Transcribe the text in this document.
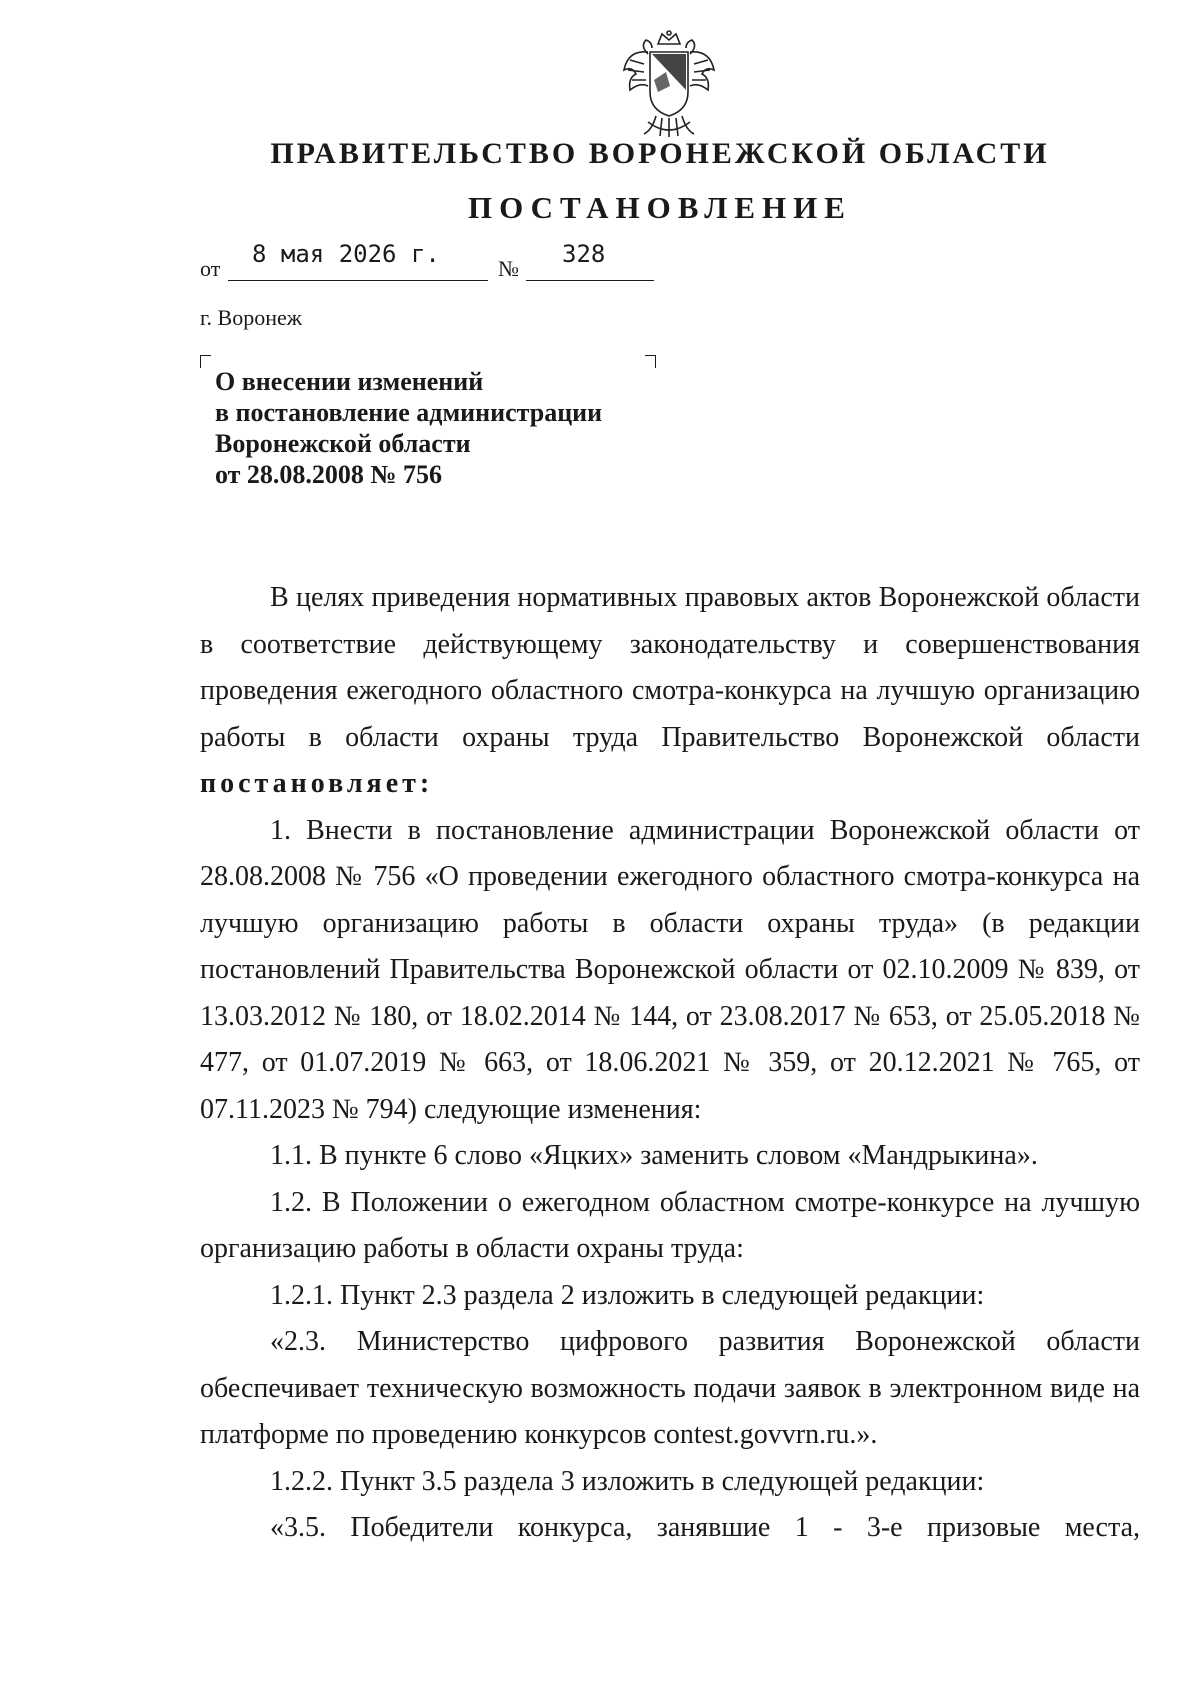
ПРАВИТЕЛЬСТВО ВОРОНЕЖСКОЙ ОБЛАСТИ
ПОСТАНОВЛЕНИЕ
от
8 мая 2026 г.
№
328
г. Воронеж
О внесении изменений
в постановление администрации
Воронежской области
от 28.08.2008 № 756

В целях приведения нормативных правовых актов Воронежской области в соответствие действующему законодательству и совершенствования проведения ежегодного областного смотра-конкурса на лучшую организацию работы в области охраны труда Правительство Воронежской области постановляет:

1. Внести в постановление администрации Воронежской области от 28.08.2008 № 756 «О проведении ежегодного областного смотра-конкурса на лучшую организацию работы в области охраны труда» (в редакции постановлений Правительства Воронежской области от 02.10.2009 № 839, от 13.03.2012 № 180, от 18.02.2014 № 144, от 23.08.2017 № 653, от 25.05.2018 № 477, от 01.07.2019 № 663, от 18.06.2021 № 359, от 20.12.2021 № 765, от 07.11.2023 № 794) следующие изменения:

1.1. В пункте 6 слово «Яцких» заменить словом «Мандрыкина».

1.2. В Положении о ежегодном областном смотре-конкурсе на лучшую организацию работы в области охраны труда:

1.2.1. Пункт 2.3 раздела 2 изложить в следующей редакции:

«2.3. Министерство цифрового развития Воронежской области обеспечивает техническую возможность подачи заявок в электронном виде на платформе по проведению конкурсов contest.govvrn.ru.».

1.2.2. Пункт 3.5 раздела 3 изложить в следующей редакции:

«3.5. Победители конкурса, занявшие 1 - 3-е призовые места,
